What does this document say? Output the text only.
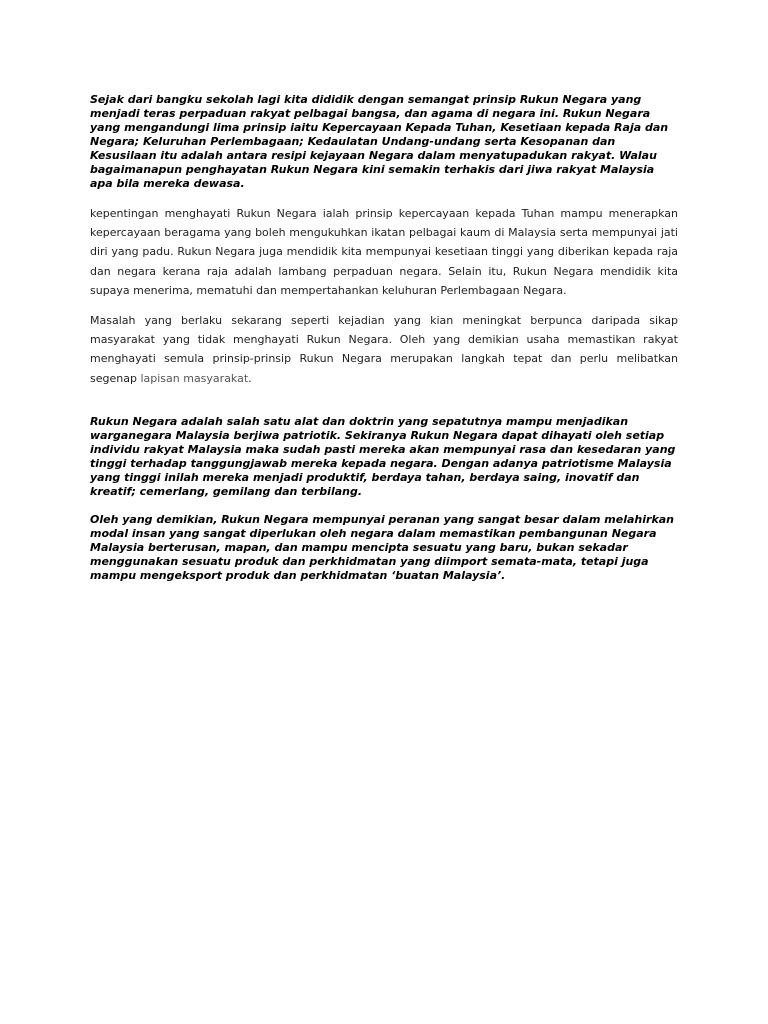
Sejak dari bangku sekolah lagi kita dididik dengan semangat prinsip Rukun Negara yang menjadi teras perpaduan rakyat pelbagai bangsa, dan agama di negara ini. Rukun Negara yang mengandungi lima prinsip iaitu Kepercayaan Kepada Tuhan, Kesetiaan kepada Raja dan Negara; Keluruhan Perlembagaan; Kedaulatan Undang-undang serta Kesopanan dan Kesusilaan itu adalah antara resipi kejayaan Negara dalam menyatupadukan rakyat. Walau bagaimanapun penghayatan Rukun Negara kini semakin terhakis dari jiwa rakyat Malaysia apa bila mereka dewasa.

kepentingan menghayati Rukun Negara ialah prinsip kepercayaan kepada Tuhan mampu menerapkan kepercayaan beragama yang boleh mengukuhkan ikatan pelbagai kaum di Malaysia serta mempunyai jati diri yang padu. Rukun Negara juga mendidik kita mempunyai kesetiaan tinggi yang diberikan kepada raja dan negara kerana raja adalah lambang perpaduan negara. Selain itu, Rukun Negara mendidik kita supaya menerima, mematuhi dan mempertahankan keluhuran Perlembagaan Negara.

Masalah yang berlaku sekarang seperti kejadian yang kian meningkat berpunca daripada sikap masyarakat yang tidak menghayati Rukun Negara. Oleh yang demikian usaha memastikan rakyat menghayati semula prinsip-prinsip Rukun Negara merupakan langkah tepat dan perlu melibatkan segenap lapisan masyarakat.

Rukun Negara adalah salah satu alat dan doktrin yang sepatutnya mampu menjadikan warganegara Malaysia berjiwa patriotik. Sekiranya Rukun Negara dapat dihayati oleh setiap individu rakyat Malaysia maka sudah pasti mereka akan mempunyai rasa dan kesedaran yang tinggi terhadap tanggungjawab mereka kepada negara. Dengan adanya patriotisme Malaysia yang tinggi inilah mereka menjadi produktif, berdaya tahan, berdaya saing, inovatif dan kreatif; cemerlang, gemilang dan terbilang.

Oleh yang demikian, Rukun Negara mempunyai peranan yang sangat besar dalam melahirkan modal insan yang sangat diperlukan oleh negara dalam memastikan pembangunan Negara Malaysia berterusan, mapan, dan mampu mencipta sesuatu yang baru, bukan sekadar menggunakan sesuatu produk dan perkhidmatan yang diimport semata-mata, tetapi juga mampu mengeksport produk dan perkhidmatan ‘buatan Malaysia’.
